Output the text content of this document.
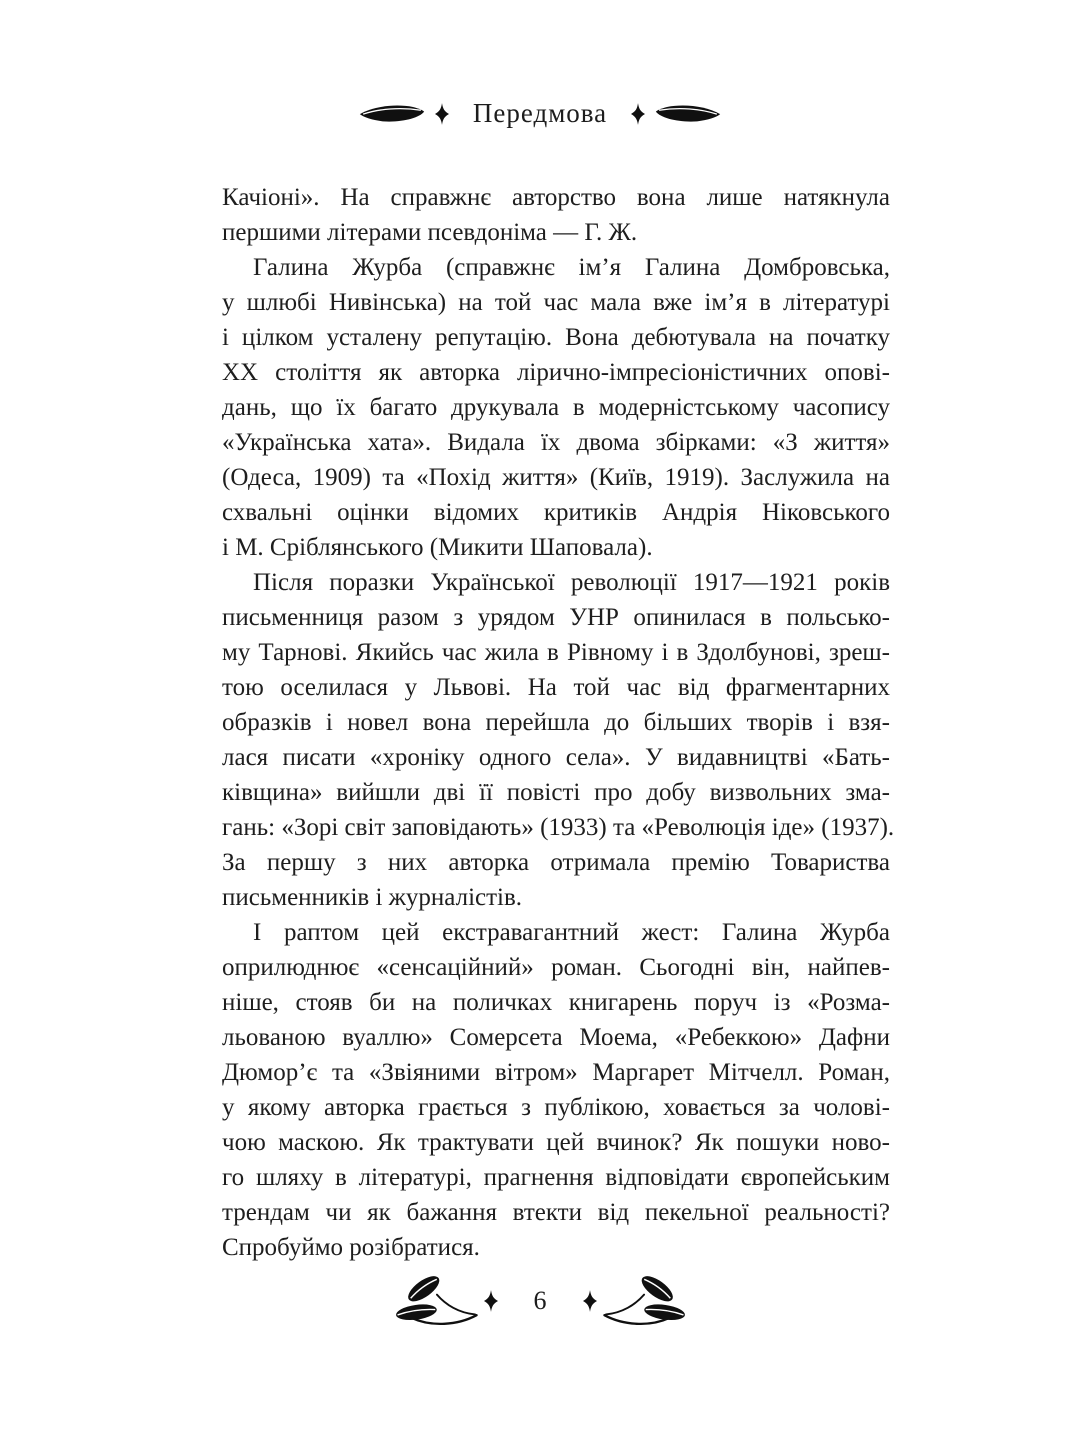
Передмова
Качіоні». На справжнє авторство вона лише натякнула
першими літерами псевдоніма — Г. Ж.
Галина Журба (справжнє ім’я Галина Домбровська,
у шлюбі Нивінська) на той час мала вже ім’я в літературі
і цілком усталену репутацію. Вона дебютувала на початку
ХХ століття як авторка лірично-імпресіоністичних опові-
дань, що їх багато друкувала в модерністському часопису
«Українська хата». Видала їх двома збірками: «З життя»
(Одеса, 1909) та «Похід життя» (Київ, 1919). Заслужила на
схвальні оцінки відомих критиків Андрія Ніковського
і М. Сріблянського (Микити Шаповала).
Після поразки Української революції 1917—1921 років
письменниця разом з урядом УНР опинилася в польсько-
му Тарнові. Якийсь час жила в Рівному і в Здолбунові, зреш-
тою оселилася у Львові. На той час від фрагментарних
образків і новел вона перейшла до більших творів і взя-
лася писати «хроніку одного села». У видавництві «Бать-
ківщина» вийшли дві її повісті про добу визвольних зма-
гань: «Зорі світ заповідають» (1933) та «Революція іде» (1937).
За першу з них авторка отримала премію Товариства
письменників і журналістів.
І раптом цей екстравагантний жест: Галина Журба
оприлюднює «сенсаційний» роман. Сьогодні він, найпев-
ніше, стояв би на поличках книгарень поруч із «Розма-
льованою вуаллю» Сомерсета Моема, «Ребеккою» Дафни
Дюмор’є та «Звіяними вітром» Маргарет Мітчелл. Роман,
у якому авторка грається з публікою, ховається за чолові-
чою маскою. Як трактувати цей вчинок? Як пошуки ново-
го шляху в літературі, прагнення відповідати європейським
трендам чи як бажання втекти від пекельної реальності?
Спробуймо розібратися.
6
